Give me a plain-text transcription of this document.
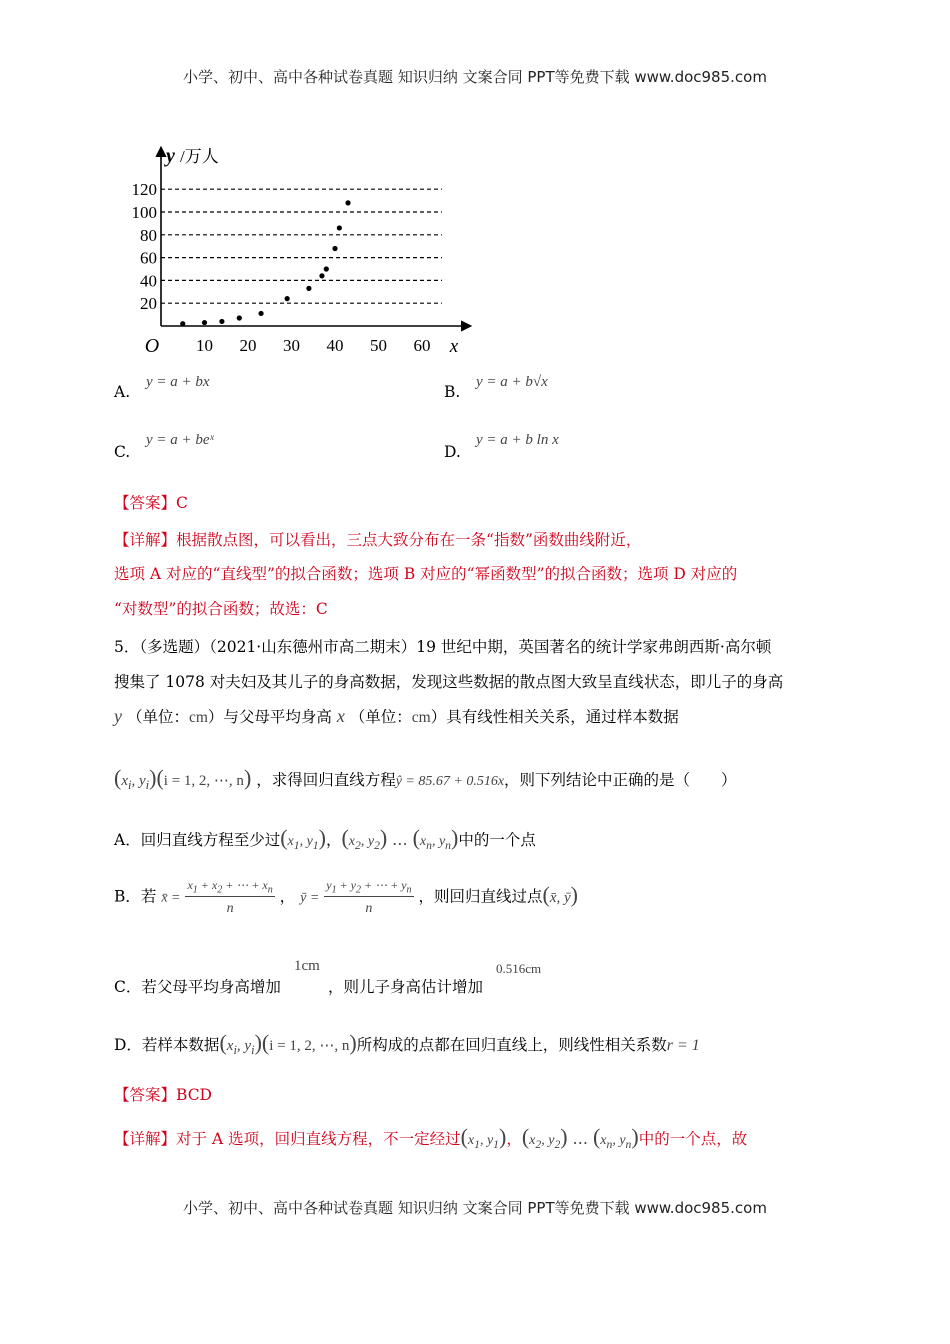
小学、初中、高中各种试卷真题 知识归纳 文案合同 PPT等免费下载 www.doc985.com
y /万人
O	x
10 20 30 40 50 60
20
40
60
80
100
120
A.
y = a + bx
B.
y = a + b√x
C.
y = a + beˣ
D.
y = a + b ln x
【答案】C
【详解】根据散点图，可以看出，三点大致分布在一条“指数”函数曲线附近，
选项 A 对应的“直线型”的拟合函数；选项 B 对应的“幂函数型”的拟合函数；选项 D 对应的
“对数型”的拟合函数；故选：C
5．（多选题）（2021·山东德州市高二期末）19 世纪中期，英国著名的统计学家弗朗西斯·高尔顿
搜集了 1078 对夫妇及其儿子的身高数据，发现这些数据的散点图大致呈直线状态，即儿子的身高
y （单位：cm）与父母平均身高 x （单位：cm）具有线性相关关系，通过样本数据
($x_i$, $y_i)(i = 1$, 2, ⋯, n) ，求得回归直线方程ŷ = 85.67 + 0.516x，则下列结论中正确的是（　　）
A．回归直线方程至少过($x_1$, $y_1$)，($x_2$, $y_2$) … ($x_n$, $y_n$)中的一个点
B．若 x̄ = $\frac{x_1 + x_2 + \cdots + x_n}{n}$ ， ȳ = $\frac{y_1 + y_2 + \cdots + y_n}{n}$ ，则回归直线过点(x̄, ȳ)
C．若父母平均身高增加
1cm
，则儿子身高估计增加
0.516cm
D．若样本数据($x_i$, $y_i)(i = 1$, 2, ⋯, n)所构成的点都在回归直线上，则线性相关系数r = 1
【答案】BCD
【详解】对于 A 选项，回归直线方程，不一定经过($x_1$, $y_1$)，($x_2$, $y_2$) … ($x_n$, $y_n$)中的一个点，故
小学、初中、高中各种试卷真题 知识归纳 文案合同 PPT等免费下载 www.doc985.com
